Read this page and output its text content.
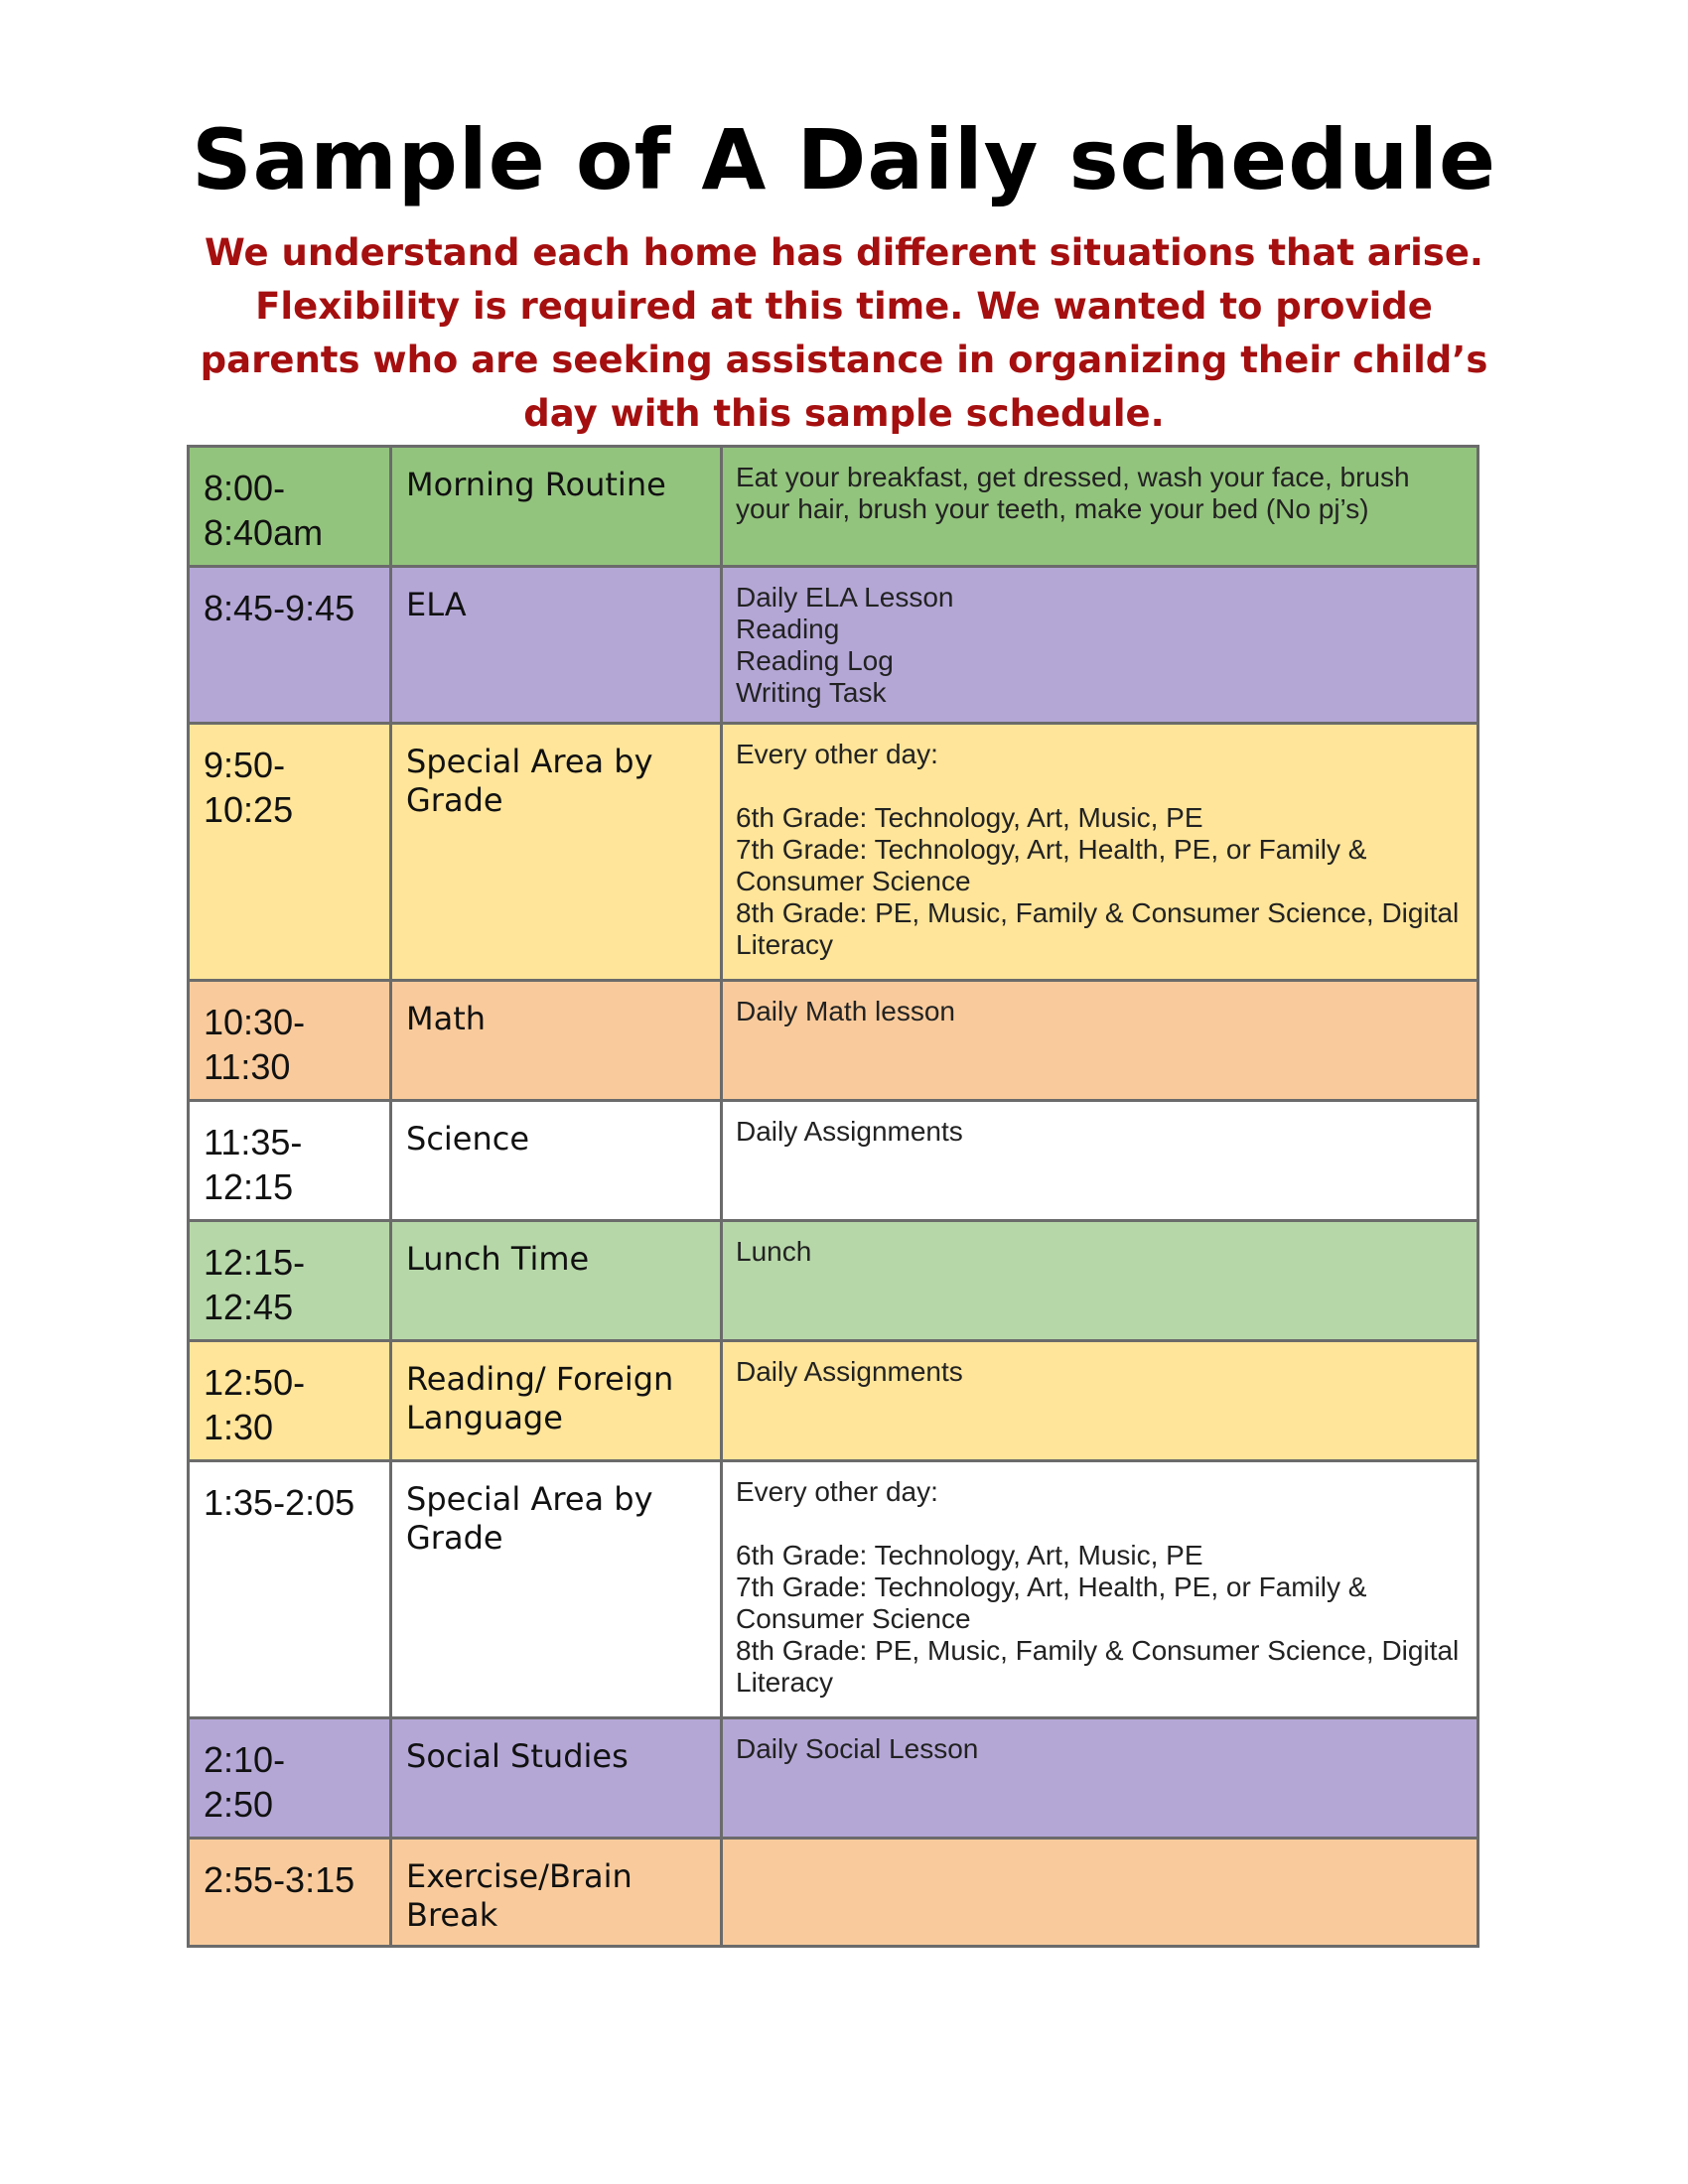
Sample of A Daily schedule
We understand each home has different situations that arise. Flexibility is required at this time. We wanted to provide parents who are seeking assistance in organizing their child’s day with this sample schedule.
8:00-
8:40am	Morning Routine	Eat your breakfast, get dressed, wash your face, brush your hair, brush your teeth, make your bed (No pj’s)
8:45-9:45	ELA	Daily ELA Lesson
Reading
Reading Log
Writing Task
9:50-
10:25	Special Area by Grade	Every other day:

6th Grade: Technology, Art, Music, PE
7th Grade: Technology, Art, Health, PE, or Family & Consumer Science
8th Grade: PE, Music, Family & Consumer Science, Digital Literacy
10:30-
11:30	Math	Daily Math lesson
11:35-
12:15	Science	Daily Assignments
12:15-
12:45	Lunch Time	Lunch
12:50-
1:30	Reading/ Foreign Language	Daily Assignments
1:35-2:05	Special Area by Grade	Every other day:

6th Grade: Technology, Art, Music, PE
7th Grade: Technology, Art, Health, PE, or Family & Consumer Science
8th Grade: PE, Music, Family & Consumer Science, Digital Literacy
2:10-
2:50	Social Studies	Daily Social Lesson
2:55-3:15	Exercise/Brain Break	
